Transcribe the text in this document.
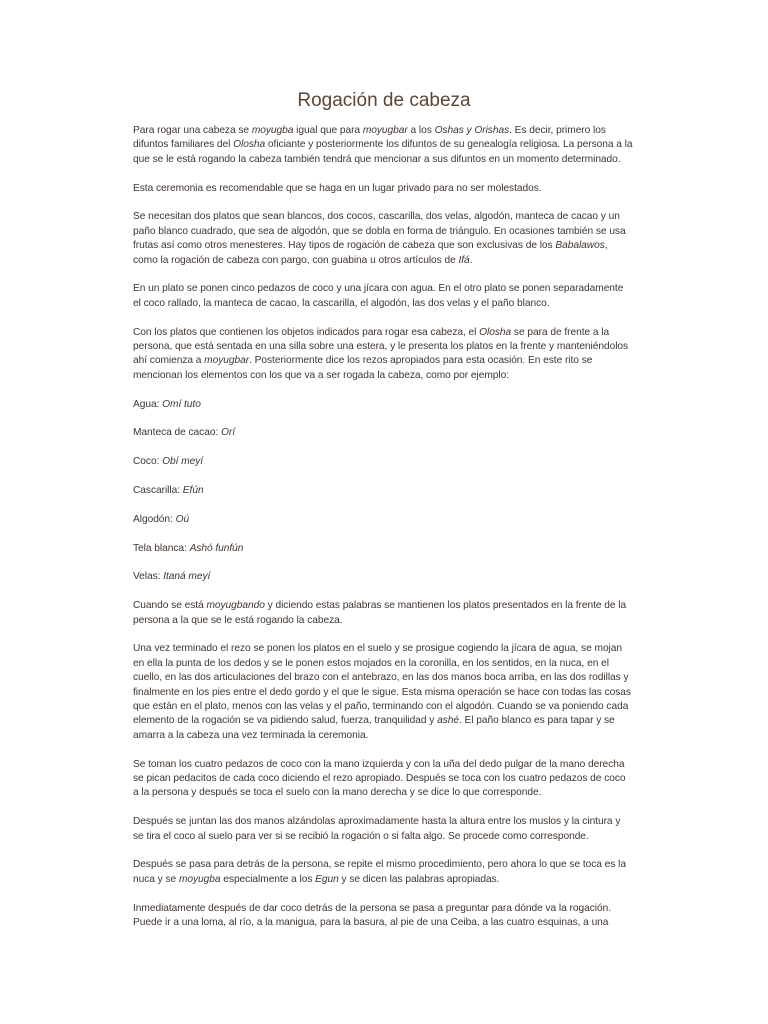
Rogación de cabeza

Para rogar una cabeza se moyugba igual que para moyugbar a los Oshas y Orishas. Es decir, primero los difuntos familiares del Olosha oficiante y posteriormente los difuntos de su genealogía religiosa. La persona a la que se le está rogando la cabeza también tendrá que mencionar a sus difuntos en un momento determinado.

Esta ceremonia es recomendable que se haga en un lugar privado para no ser molestados.

Se necesitan dos platos que sean blancos, dos cocos, cascarilla, dos velas, algodón, manteca de cacao y un paño blanco cuadrado, que sea de algodón, que se dobla en forma de triángulo. En ocasiones también se usa frutas así como otros menesteres. Hay tipos de rogación de cabeza que son exclusivas de los Babalawos, como la rogación de cabeza con pargo, con guabina u otros artículos de Ifá.

En un plato se ponen cinco pedazos de coco y una jícara con agua. En el otro plato se ponen separadamente el coco rallado, la manteca de cacao, la cascarilla, el algodón, las dos velas y el paño blanco.

Con los platos que contienen los objetos indicados para rogar esa cabeza, el Olosha se para de frente a la persona, que está sentada en una silla sobre una estera, y le presenta los platos en la frente y manteniéndolos ahí comienza a moyugbar. Posteriormente dice los rezos apropiados para esta ocasión. En este rito se mencionan los elementos con los que va a ser rogada la cabeza, como por ejemplo:

Agua: Omí tuto

Manteca de cacao: Orí

Coco: Obí meyí

Cascarilla: Efún

Algodón: Oú

Tela blanca: Ashó funfún

Velas: Itaná meyí

Cuando se está moyugbando y diciendo estas palabras se mantienen los platos presentados en la frente de la persona a la que se le está rogando la cabeza.

Una vez terminado el rezo se ponen los platos en el suelo y se prosigue cogiendo la jícara de agua, se mojan en ella la punta de los dedos y se le ponen estos mojados en la coronilla, en los sentidos, en la nuca, en el cuello, en las dos articulaciones del brazo con el antebrazo, en las dos manos boca arriba, en las dos rodillas y finalmente en los pies entre el dedo gordo y el que le sigue. Esta misma operación se hace con todas las cosas que están en el plato, menos con las velas y el paño, terminando con el algodón. Cuando se va poniendo cada elemento de la rogación se va pidiendo salud, fuerza, tranquilidad y ashé. El paño blanco es para tapar y se amarra a la cabeza una vez terminada la ceremonia.

Se toman los cuatro pedazos de coco con la mano izquierda y con la uña del dedo pulgar de la mano derecha se pican pedacitos de cada coco diciendo el rezo apropiado. Después se toca con los cuatro pedazos de coco a la persona y después se toca el suelo con la mano derecha y se dice lo que corresponde.

Después se juntan las dos manos alzándolas aproximadamente hasta la altura entre los muslos y la cintura y se tira el coco al suelo para ver si se recibió la rogación o si falta algo. Se procede como corresponde.

Después se pasa para detrás de la persona, se repite el mismo procedimiento, pero ahora lo que se toca es la nuca y se moyugba especialmente a los Egun y se dicen las palabras apropiadas.

Inmediatamente después de dar coco detrás de la persona se pasa a preguntar para dónde va la rogación. Puede ir a una loma, al río, a la manigua, para la basura, al pie de una Ceiba, a las cuatro esquinas, a una
